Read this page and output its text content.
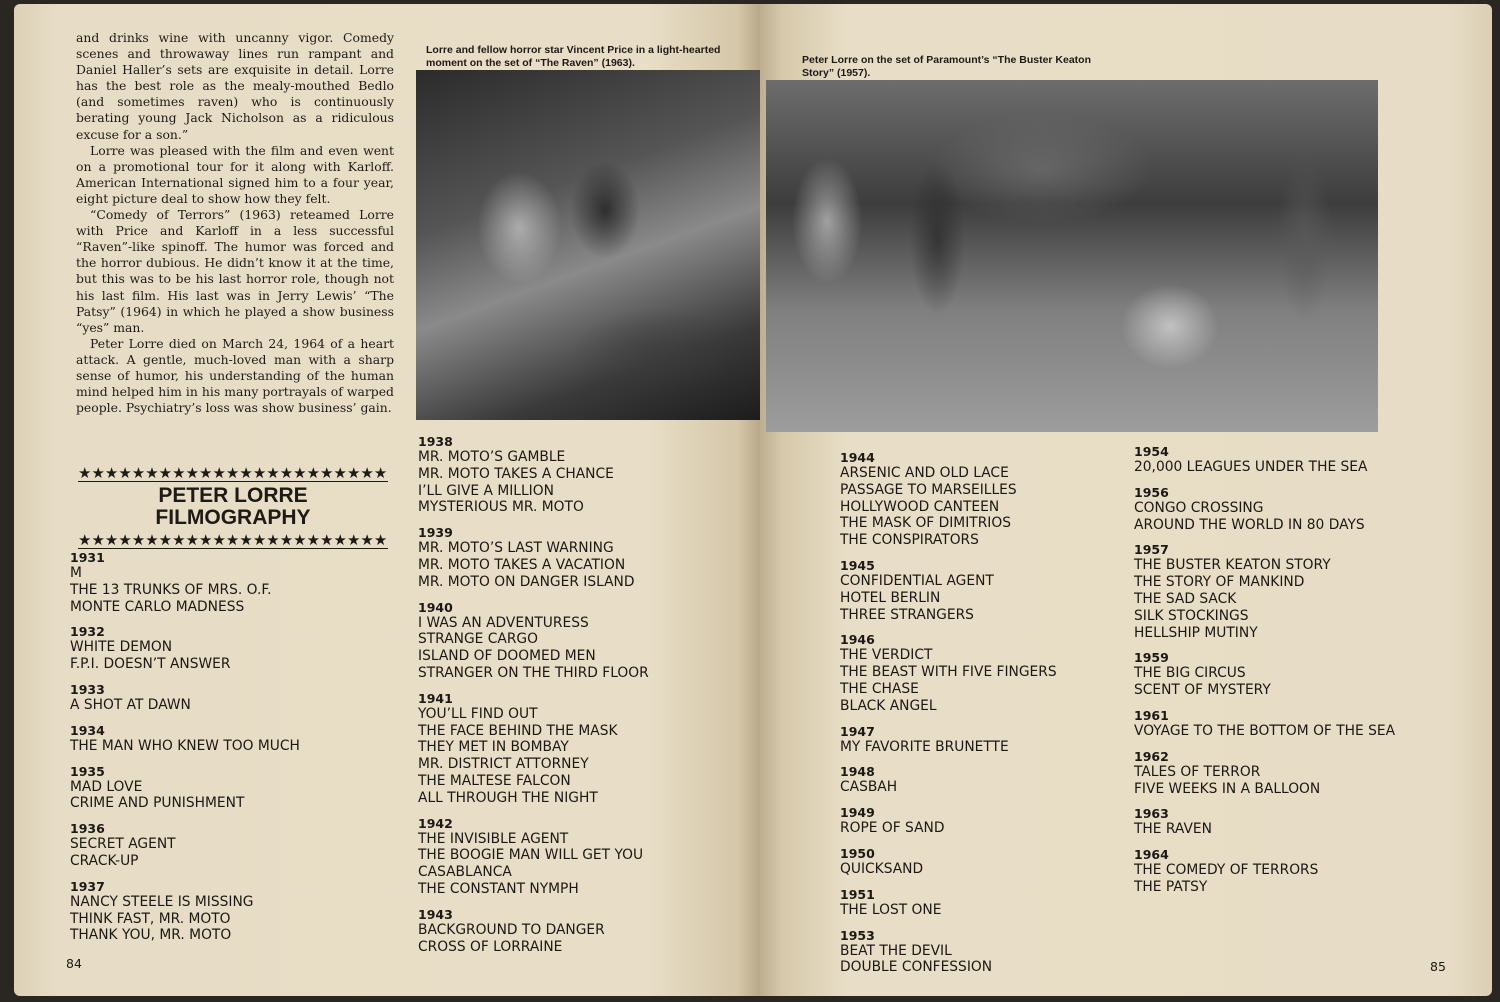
and drinks wine with uncanny vigor. Comedy scenes and throwaway lines run rampant and Daniel Haller’s sets are exquisite in detail. Lorre has the best role as the mealy-mouthed Bedlo (and sometimes raven) who is continuously berating young Jack Nicholson as a ridiculous excuse for a son.”

Lorre was pleased with the film and even went on a promotional tour for it along with Karloff. American International signed him to a four year, eight picture deal to show how they felt.

“Comedy of Terrors” (1963) reteamed Lorre with Price and Karloff in a less successful “Raven”-like spinoff. The humor was forced and the horror dubious. He didn’t know it at the time, but this was to be his last horror role, though not his last film. His last was in Jerry Lewis’ “The Patsy” (1964) in which he played a show business “yes” man.

Peter Lorre died on March 24, 1964 of a heart attack. A gentle, much-loved man with a sharp sense of humor, his understanding of the human mind helped him in his many portrayals of warped people. Psychiatry’s loss was show business’ gain.

★★★★★★★★★★★★★★★★★★★★★★★
PETER LORRE FILMOGRAPHY
★★★★★★★★★★★★★★★★★★★★★★★
1931
M
THE 13 TRUNKS OF MRS. O.F.
MONTE CARLO MADNESS
1932
WHITE DEMON
F.P.I. DOESN’T ANSWER
1933
A SHOT AT DAWN
1934
THE MAN WHO KNEW TOO MUCH
1935
MAD LOVE
CRIME AND PUNISHMENT
1936
SECRET AGENT
CRACK-UP
1937
NANCY STEELE IS MISSING
THINK FAST, MR. MOTO
THANK YOU, MR. MOTO
Lorre and fellow horror star Vincent Price in a light-hearted moment on the set of “The Raven” (1963).
1938
MR. MOTO’S GAMBLE
MR. MOTO TAKES A CHANCE
I’LL GIVE A MILLION
MYSTERIOUS MR. MOTO
1939
MR. MOTO’S LAST WARNING
MR. MOTO TAKES A VACATION
MR. MOTO ON DANGER ISLAND
1940
I WAS AN ADVENTURESS
STRANGE CARGO
ISLAND OF DOOMED MEN
STRANGER ON THE THIRD FLOOR
1941
YOU’LL FIND OUT
THE FACE BEHIND THE MASK
THEY MET IN BOMBAY
MR. DISTRICT ATTORNEY
THE MALTESE FALCON
ALL THROUGH THE NIGHT
1942
THE INVISIBLE AGENT
THE BOOGIE MAN WILL GET YOU
CASABLANCA
THE CONSTANT NYMPH
1943
BACKGROUND TO DANGER
CROSS OF LORRAINE
84
Peter Lorre on the set of Paramount’s “The Buster Keaton Story” (1957).
1944
ARSENIC AND OLD LACE
PASSAGE TO MARSEILLES
HOLLYWOOD CANTEEN
THE MASK OF DIMITRIOS
THE CONSPIRATORS
1945
CONFIDENTIAL AGENT
HOTEL BERLIN
THREE STRANGERS
1946
THE VERDICT
THE BEAST WITH FIVE FINGERS
THE CHASE
BLACK ANGEL
1947
MY FAVORITE BRUNETTE
1948
CASBAH
1949
ROPE OF SAND
1950
QUICKSAND
1951
THE LOST ONE
1953
BEAT THE DEVIL
DOUBLE CONFESSION
1954
20,000 LEAGUES UNDER THE SEA
1956
CONGO CROSSING
AROUND THE WORLD IN 80 DAYS
1957
THE BUSTER KEATON STORY
THE STORY OF MANKIND
THE SAD SACK
SILK STOCKINGS
HELLSHIP MUTINY
1959
THE BIG CIRCUS
SCENT OF MYSTERY
1961
VOYAGE TO THE BOTTOM OF THE SEA
1962
TALES OF TERROR
FIVE WEEKS IN A BALLOON
1963
THE RAVEN
1964
THE COMEDY OF TERRORS
THE PATSY
85
